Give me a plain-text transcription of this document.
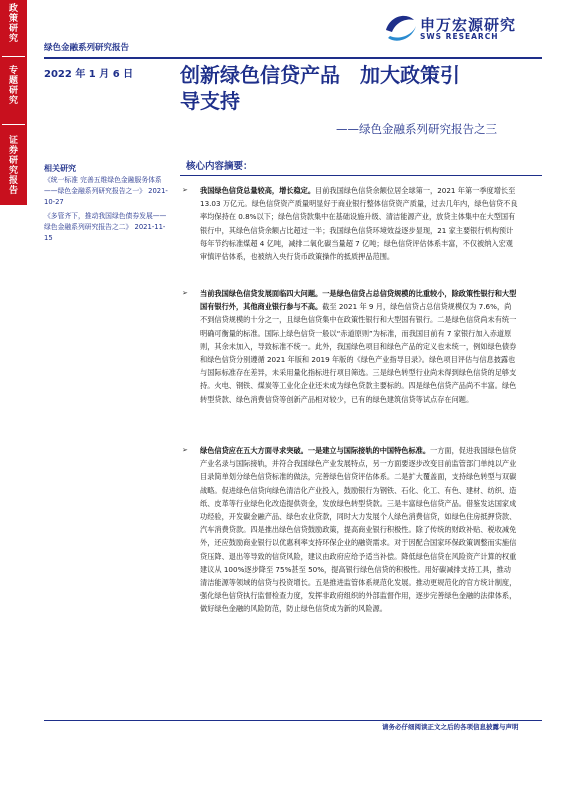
政
策
研
究
专
题
研
究
证
券
研
究
报
告
绿色金融系列研究报告
申万宏源研究
SWS RESEARCH
2022 年 1 月 6 日 创新绿色信贷产品　加大政策引
导支持
——绿色金融系列研究报告之三
相关研究
《统一标准 完善五维绿色金融服务体系——绿色金融系列研究报告之一》 2021-10-27
《多管齐下，推动我国绿色债券发展——绿色金融系列研究报告之二》 2021-11-15
核心内容摘要：
➢ 我国绿色信贷总量较高，增长稳定。目前我国绿色信贷余额位居全球第一，2021 年第一季度增长至 13.03 万亿元。绿色信贷资产质量明显好于商业银行整体信贷资产质量，过去几年内，绿色信贷不良率均保持在 0.8%以下；绿色信贷款集中在基础设施升级、清洁能源产业，放贷主体集中在大型国有银行中，其绿色信贷余额占比超过一半；我国绿色信贷环境效益逐步显现，21 家主要银行机构预计每年节约标准煤超 4 亿吨，减排二氧化碳当量超 7 亿吨；绿色信贷评估体系丰富，不仅被纳入宏观审慎评估体系，也被纳入央行货币政策操作的抵质押品范围。
➢ 当前我国绿色信贷发展面临四大问题。一是绿色信贷占总信贷规模的比重较小，除政策性银行和大型国有银行外，其他商业银行参与不高。截至 2021 年 9 月，绿色信贷占总信贷规模仅为 7.6%，尚不到信贷规模的十分之一，且绿色信贷集中在政策性银行和大型国有银行。二是绿色信贷尚未有统一明确可衡量的标准。国际上绿色信贷一般以“赤道原则”为标准，而我国目前有 7 家银行加入赤道原则，其余未加入，导致标准不统一。此外，我国绿色项目和绿色产品的定义也未统一，例如绿色债券和绿色信贷分别遵循 2021 年版和 2019 年版的《绿色产业指导目录》。绿色项目评估与信息披露也与国际标准存在差异，未采用量化指标进行项目筛选。三是绿色转型行业尚未得到绿色信贷的足够支持。火电、钢铁、煤炭等工业化企业还未成为绿色贷款主要标的。四是绿色信贷产品尚不丰富。绿色转型贷款、绿色消费信贷等创新产品相对较少，已有的绿色建筑信贷等试点存在问题。
➢ 绿色信贷应在五大方面寻求突破。一是建立与国际接轨的中国特色标准。一方面，促进我国绿色信贷产业名录与国际接轨，并符合我国绿色产业发展特点，另一方面要逐步改变目前监管部门单纯以产业目录简单划分绿色信贷标准的做法，完善绿色信贷评估体系。二是扩大覆盖面，支持绿色转型与双碳战略。促进绿色信贷向绿色清洁化产业投入，鼓励银行为钢铁、石化、化工、有色、建材、纺织、造纸、皮革等行业绿色化改造提供资金，发放绿色转型贷款。三是丰富绿色信贷产品。借鉴发达国家成功经验，开发碳金融产品、绿色农业贷款，同时大力发展个人绿色消费信贷，如绿色住房抵押贷款、汽车消费贷款。四是推出绿色信贷鼓励政策，提高商业银行积极性。除了传统的财政补贴、税收减免外，还应鼓励商业银行以优惠利率支持环保企业的融资需求。对于因配合国家环保政策调整而实施信贷压降、退出等导致的信贷风险，建议由政府应给予适当补偿。降低绿色信贷在风险资产计算的权重建议从 100%逐步降至 75%甚至 50%，提高银行绿色信贷的积极性。用好碳减排支持工具，推动清洁能源等领域的信贷与投资增长。五是推进监管体系规范化发展。推动更规范化的官方统计制度，强化绿色信贷执行监督检查力度，发挥非政府组织的外部监督作用，逐步完善绿色金融的法律体系，做好绿色金融的风险防范，防止绿色信贷成为新的风险源。
请务必仔细阅读正文之后的各项信息披露与声明
